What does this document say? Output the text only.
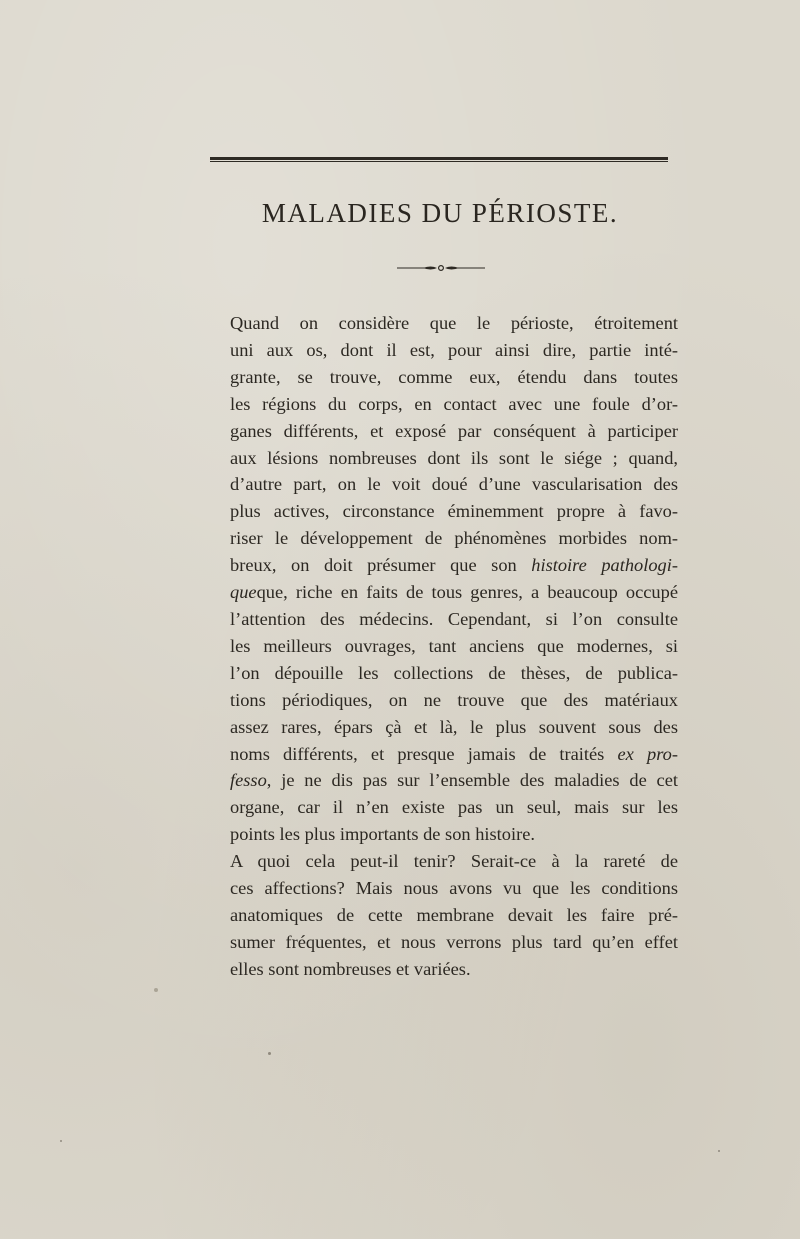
MALADIES DU PÉRIOSTE.

Quand on considère que le périoste, étroitement
uni aux os, dont il est, pour ainsi dire, partie inté-
grante, se trouve, comme eux, étendu dans toutes
les régions du corps, en contact avec une foule d’or-
ganes différents, et exposé par conséquent à participer
aux lésions nombreuses dont ils sont le siége ; quand,
d’autre part, on le voit doué d’une vascularisation des
plus actives, circonstance éminemment propre à favo-
riser le développement de phénomènes morbides nom-
breux, on doit présumer que son histoire pathologi-
queque, riche en faits de tous genres, a beaucoup occupé
l’attention des médecins. Cependant, si l’on consulte
les meilleurs ouvrages, tant anciens que modernes, si
l’on dépouille les collections de thèses, de publica-
tions périodiques, on ne trouve que des matériaux
assez rares, épars çà et là, le plus souvent sous des
noms différents, et presque jamais de traités ex pro-
fesso, je ne dis pas sur l’ensemble des maladies de cet
organe, car il n’en existe pas un seul, mais sur les
points les plus importants de son histoire.

A quoi cela peut-il tenir? Serait-ce à la rareté de
ces affections? Mais nous avons vu que les conditions
anatomiques de cette membrane devait les faire pré-
sumer fréquentes, et nous verrons plus tard qu’en effet
elles sont nombreuses et variées.
